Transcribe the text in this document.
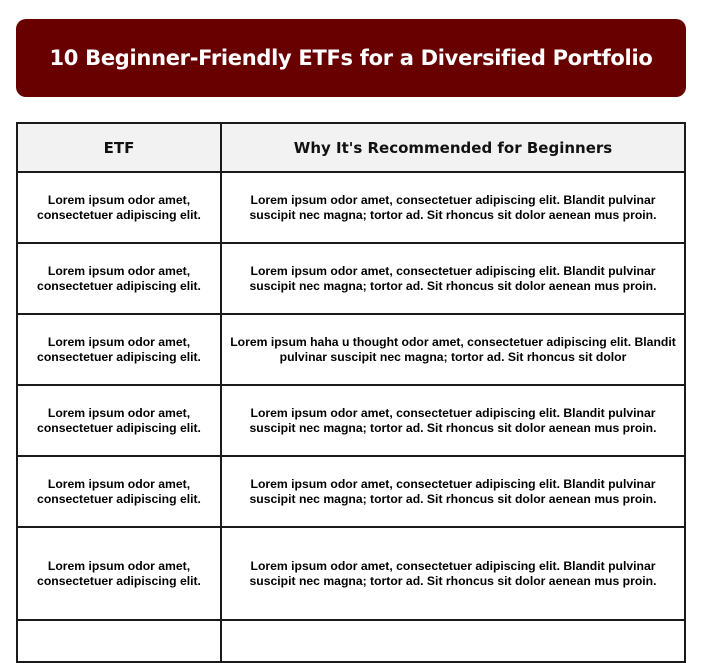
10 Beginner-Friendly ETFs for a Diversified Portfolio
ETF	Why It's Recommended for Beginners
Lorem ipsum odor amet, consectetuer adipiscing elit.	Lorem ipsum odor amet, consectetuer adipiscing elit. Blandit pulvinar suscipit nec magna; tortor ad. Sit rhoncus sit dolor aenean mus proin.
Lorem ipsum odor amet, consectetuer adipiscing elit.	Lorem ipsum odor amet, consectetuer adipiscing elit. Blandit pulvinar suscipit nec magna; tortor ad. Sit rhoncus sit dolor aenean mus proin.
Lorem ipsum odor amet, consectetuer adipiscing elit.	Lorem ipsum haha u thought odor amet, consectetuer adipiscing elit. Blandit pulvinar suscipit nec magna; tortor ad. Sit rhoncus sit dolor
Lorem ipsum odor amet, consectetuer adipiscing elit.	Lorem ipsum odor amet, consectetuer adipiscing elit. Blandit pulvinar suscipit nec magna; tortor ad. Sit rhoncus sit dolor aenean mus proin.
Lorem ipsum odor amet, consectetuer adipiscing elit.	Lorem ipsum odor amet, consectetuer adipiscing elit. Blandit pulvinar suscipit nec magna; tortor ad. Sit rhoncus sit dolor aenean mus proin.
Lorem ipsum odor amet, consectetuer adipiscing elit.	Lorem ipsum odor amet, consectetuer adipiscing elit. Blandit pulvinar suscipit nec magna; tortor ad. Sit rhoncus sit dolor aenean mus proin.
